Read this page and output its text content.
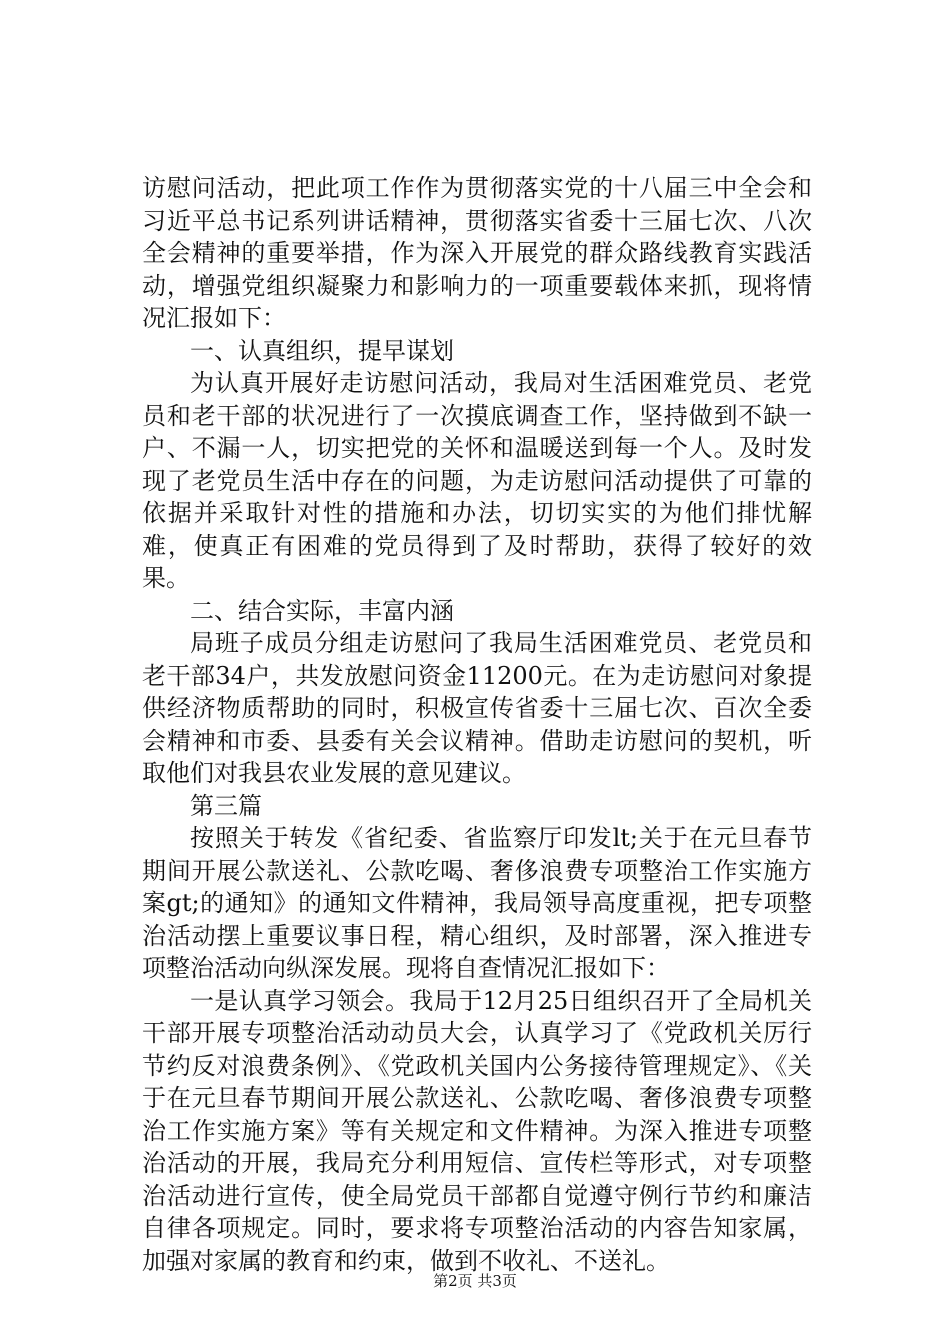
访慰问活动，把此项工作作为贯彻落实党的十八届三中全会和习近平总书记系列讲话精神，贯彻落实省委十三届七次、八次全会精神的重要举措，作为深入开展党的群众路线教育实践活动，增强党组织凝聚力和影响力的一项重要载体来抓，现将情况汇报如下：

一、认真组织，提早谋划

为认真开展好走访慰问活动，我局对生活困难党员、老党员和老干部的状况进行了一次摸底调查工作，坚持做到不缺一户、不漏一人，切实把党的关怀和温暖送到每一个人。及时发现了老党员生活中存在的问题，为走访慰问活动提供了可靠的依据并采取针对性的措施和办法，切切实实的为他们排忧解难，使真正有困难的党员得到了及时帮助，获得了较好的效果。

二、结合实际，丰富内涵

局班子成员分组走访慰问了我局生活困难党员、老党员和老干部34户，共发放慰问资金11200元。在为走访慰问对象提供经济物质帮助的同时，积极宣传省委十三届七次、百次全委会精神和市委、县委有关会议精神。借助走访慰问的契机，听取他们对我县农业发展的意见建议。

第三篇

按照关于转发《省纪委、省监察厅印发lt;关于在元旦春节期间开展公款送礼、公款吃喝、奢侈浪费专项整治工作实施方案gt;的通知》的通知文件精神，我局领导高度重视，把专项整治活动摆上重要议事日程，精心组织，及时部署，深入推进专项整治活动向纵深发展。现将自查情况汇报如下：

一是认真学习领会。我局于12月25日组织召开了全局机关干部开展专项整治活动动员大会，认真学习了《党政机关厉行节约反对浪费条例》、《党政机关国内公务接待管理规定》、《关于在元旦春节期间开展公款送礼、公款吃喝、奢侈浪费专项整治工作实施方案》等有关规定和文件精神。为深入推进专项整治活动的开展，我局充分利用短信、宣传栏等形式，对专项整治活动进行宣传，使全局党员干部都自觉遵守例行节约和廉洁自律各项规定。同时，要求将专项整治活动的内容告知家属，加强对家属的教育和约束，做到不收礼、不送礼。

第2页 共3页
